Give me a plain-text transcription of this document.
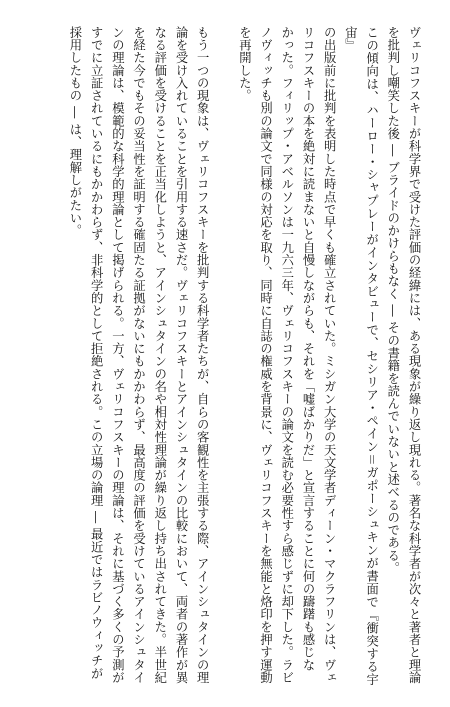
ヴェリコフスキーが科学界で受けた評価の経緯には、ある現象が繰り返し現れる。著名な科学者が次々と著者と理論
を批判し嘲笑した後 ― ブライドのかけらもなく ― その書籍を読んでいないと述べるのである。
この傾向は、ハーロー・シャプレーがインタビューで、セシリア・ペイン＝ガポーシュキンが書面で『衝突する宇宙』
の出版前に批判を表明した時点で早くも確立されていた。ミシガン大学の天文学者ディーン・マクラフリンは、ヴェ
リコフスキーの本を絶対に読まないと自慢しながらも、それを「嘘ばかりだ」と宣言することに何の躊躇も感じな
かった。フィリップ・アベルソンは一九六三年、ヴェリコフスキーの論文を読む必要性すら感じずに却下した。ラビ
ノヴィッチも別の論文で同様の対応を取り、同時に自誌の権威を背景に、ヴェリコフスキーを無能と烙印を押す運動
を再開した。

もう一つの現象は、ヴェリコフスキーを批判する科学者たちが、自らの客観性を主張する際、アインシュタインの理
論を受け入れていることを引用する速さだ。ヴェリコフスキーとアインシュタインの比較において、両者の著作が異
なる評価を受けることを正当化しようと、アインシュタインの名や相対性理論が繰り返し持ち出されてきた。半世紀
を経た今でもその妥当性を証明する確固たる証拠がないにもかかわらず、最高度の評価を受けているアインシュタイ
ンの理論は、模範的な科学的理論として掲げられる。一方、ヴェリコフスキーの理論は、それに基づく多くの予測が
すでに立証されているにもかかわらず、非科学的として拒絶される。この立場の論理 ― 最近ではラビノウィッチが
採用したもの ― は、理解しがたい。
